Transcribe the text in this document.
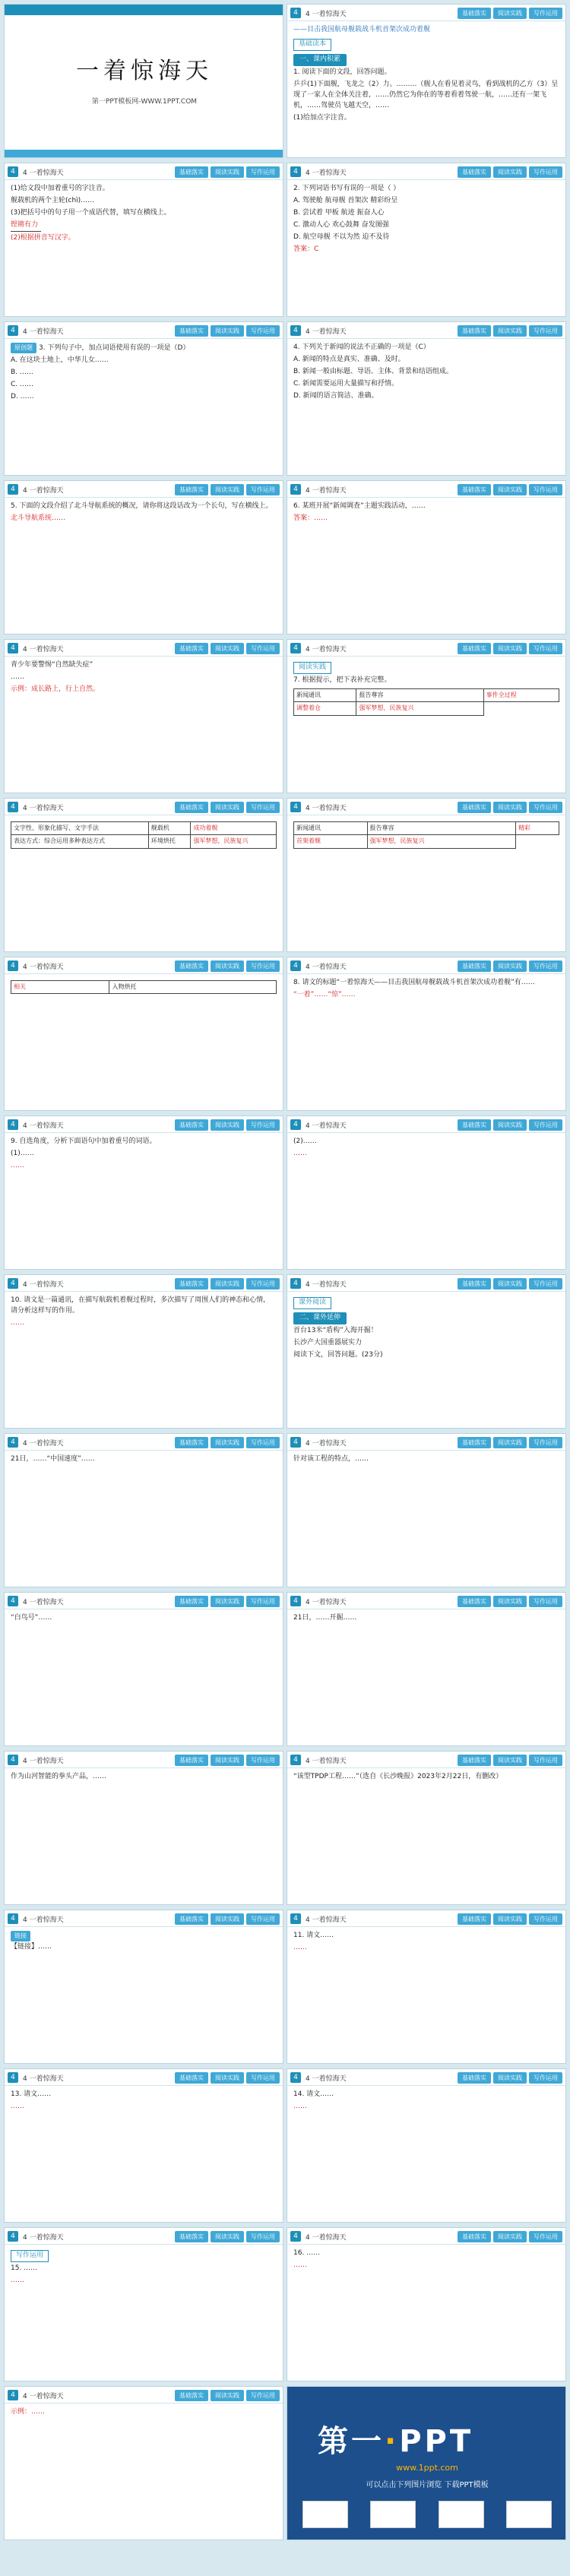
一着惊海天
第一PPT模板网-WWW.1PPT.COM
4	4 一着惊海天	基础落实	阅读实践	写作运用

——目击我国航母舰载战斗机首架次成功着舰

基础读本
一、课内积累

1. 阅读下面的文段，回答问题。

乒乒(1)下面舰，飞龙之（2）力。………（舰人在看见着灵鸟，看到战机的乙方（3）呈现了一家人在全体关注着，……仍然它为你在的等着看着驾驶一航，……还有一架飞机，……驾驶员飞越天空，……

(1)给加点字注音。

4	4 一着惊海天	基础落实	阅读实践	写作运用

(1)给文段中加着重号的字注音。

舰载机的两个主轮(chì)……

(3)把括号中的句子用一个成语代替，填写在横线上。

铿锵有力

(2)根据拼音写汉字。

4	4 一着惊海天	基础落实	阅读实践	写作运用

2. 下列词语书写有误的一项是（ ）

A. 驾驶舱 航母舰 首架次 精彩纷呈

B. 尝试着 甲板 航迹 振奋人心

C. 激动人心 欢心鼓舞 奋发图强

D. 航空母舰 不以为然 迫不及待

答案：C

4	4 一着惊海天	基础落实	阅读实践	写作运用

原创题 3. 下列句子中，加点词语使用有误的一项是（D）

A. 在这块土地上，中华儿女……

B. ……

C. ……

D. ……

4	4 一着惊海天	基础落实	阅读实践	写作运用

4. 下列关于新闻的说法不正确的一项是（C）

A. 新闻的特点是真实、准确、及时。

B. 新闻一般由标题、导语、主体、背景和结语组成。

C. 新闻需要运用大量描写和抒情。

D. 新闻的语言简洁、准确。

4	4 一着惊海天	基础落实	阅读实践	写作运用

5. 下面的文段介绍了北斗导航系统的概况，请你将这段话改为一个长句，写在横线上。

北斗导航系统……

4	4 一着惊海天	基础落实	阅读实践	写作运用

6. 某班开展“新闻调查”主题实践活动，……

答案：……

4	4 一着惊海天	基础落实	阅读实践	写作运用

青少年要警惕“自然缺失症”

……

示例：成长路上，行上自然。

4	4 一着惊海天	基础落实	阅读实践	写作运用
阅读实践

7. 根据提示，把下表补充完整。

新闻通讯	报告尊容	事件全过程
调整着仓	强军梦想，民族复兴	
4	4 一着惊海天	基础落实	阅读实践	写作运用
文字性、形象化描写、文字手法	舰载机	成功着舰
表达方式：综合运用多种表达方式	环境烘托	强军梦想，民族复兴
4	4 一着惊海天	基础落实	阅读实践	写作运用
新闻通讯	报告尊容	精彩
首架着舰	强军梦想，民族复兴	
4	4 一着惊海天	基础落实	阅读实践	写作运用
相关	入物烘托
4	4 一着惊海天	基础落实	阅读实践	写作运用

8. 请文的标题“一着惊海天——目击我国航母舰载战斗机首架次成功着舰”有……

“一着”……“惊”……

4	4 一着惊海天	基础落实	阅读实践	写作运用

9. 自选角度，分析下面语句中加着重号的词语。

(1)……

……

4	4 一着惊海天	基础落实	阅读实践	写作运用

(2)……

……

4	4 一着惊海天	基础落实	阅读实践	写作运用

10. 请文是一篇通讯，在描写航载机着舰过程时，多次描写了周围人们的神态和心情，请分析这样写的作用。

……

4	4 一着惊海天	基础落实	阅读实践	写作运用
课外阅读
二、课外延伸

首台13米“盾构”入海开掘！

长沙产大国重器展实力

阅读下文，回答问题。(23分)

4	4 一着惊海天	基础落实	阅读实践	写作运用

21日，……“中国速度”……

4	4 一着惊海天	基础落实	阅读实践	写作运用

针对该工程的特点，……

4	4 一着惊海天	基础落实	阅读实践	写作运用

“白鸟号”……

4	4 一着惊海天	基础落实	阅读实践	写作运用

21日，……开掘……

4	4 一着惊海天	基础落实	阅读实践	写作运用

作为山河智能的拳头产品，……

4	4 一着惊海天	基础落实	阅读实践	写作运用

“该型TPDP工程……”（选自《长沙晚报》2023年2月22日，有删改）

4	4 一着惊海天	基础落实	阅读实践	写作运用
链接

【链接】……

4	4 一着惊海天	基础落实	阅读实践	写作运用

11. 请文……

……

4	4 一着惊海天	基础落实	阅读实践	写作运用

13. 请文……

……

4	4 一着惊海天	基础落实	阅读实践	写作运用

14. 请文……

……

4	4 一着惊海天	基础落实	阅读实践	写作运用
写作运用

15. ……

……

4	4 一着惊海天	基础落实	阅读实践	写作运用

16. ……

……

4	4 一着惊海天	基础落实	阅读实践	写作运用

示例：……

第一·PPT
www.1ppt.com
可以点击下列图片浏览 下载PPT模板
